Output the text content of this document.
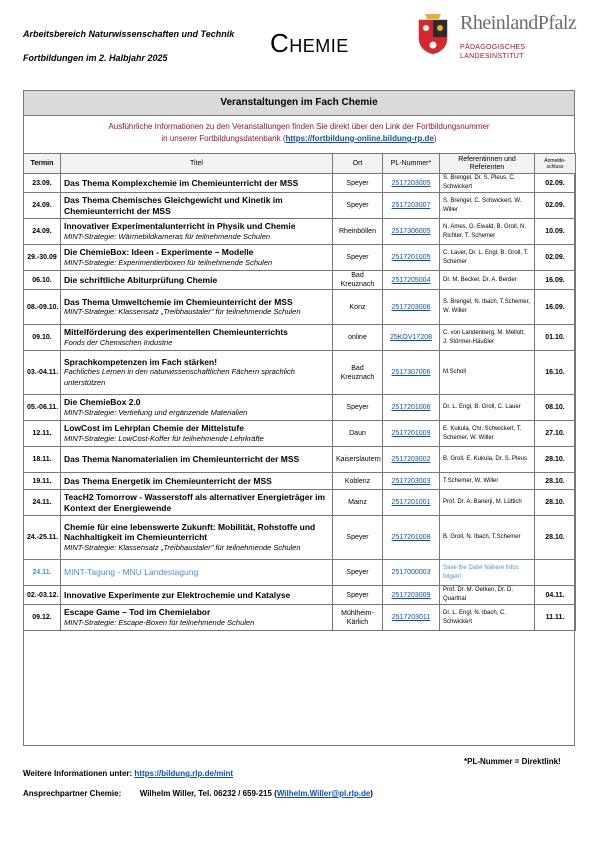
Arbeitsbereich Naturwissenschaften und Technik
Fortbildungen im 2. Halbjahr 2025	Chemie
RheinlandPfalz
PÄDAGOGISCHES
LANDESINSTITUT
Veranstaltungen im Fach Chemie
Ausführliche Informationen zu den Veranstaltungen finden Sie direkt über den Link der Fortbildungsnummer
in unserer Fortbildungsdatenbank (https://fortbildung-online.bildung-rp.de)
Termin	Titel	Ort	PL-Nummer*	Referentinnen und Referenten	Anmelde-schluss
23.09.	Das Thema Komplexchemie im Chemieunterricht der MSS	Speyer	2517203005	S. Brengel, Dr. S. Pleus, C. Schwickert	02.09.
24.09.	Das Thema Chemisches Gleichgewicht und Kinetik im Chemieunterricht der MSS	Speyer	2517203007	S. Brengel, C. Schwickert, W. Willer	02.09.
24.09.	Innovativer Experimentalunterricht in Physik und Chemie
MINT-Strategie: Wärmebildkameras für teilnehmende Schulen	Rheinböllen	2517306005	N. Ames, G. Ewald, B. Groll, N. Richter, T. Schemer	10.09.
29.-30.09	Die ChemieBox: Ideen - Experimente – Modelle
MINT-Strategie: Experimentierboxen für teilnehmende Schulen	Speyer	2517201005	C. Lauer, Dr. L. Engl, B. Groll, T. Schemer	02.09.
06.10.	Die schriftliche Abiturprüfung Chemie	Bad Kreuznach	2517205004	Dr. M. Becker, Dr. A. Berder	16.09.
08.-09.10.	Das Thema Umweltchemie im Chemieunterricht der MSS
MINT-Strategie: Klassensatz „Treibhaustaler" für teilnehmende Schulen	Konz	2517203006	S. Brengel, N. Ibach, T.Schemer, W. Willer	16.09.
09.10.	Mittelförderung des experimentellen Chemieunterrichts
Fonds der Chemischen Industrie	online	25KOV17208	C. von Landenberg, M. Mellott, J. Störmer-Häußler	01.10.
03.-04.11.	Sprachkompetenzen im Fach stärken!
Fachliches Lernen in den naturwissenschaftlichen Fächern sprachlich unterstützen	Bad Kreuznach	2517307006	M.Scholl	16.10.
05.-06.11.	Die ChemieBox 2.0
MINT-Strategie: Vertiefung und ergänzende Materialien	Speyer	2517201006	Dr. L. Engl, B. Groll, C. Lauer	08.10.
12.11.	LowCost im Lehrplan Chemie der Mittelstufe
MINT-Strategie: LowCost-Koffer für teilnehmende Lehrkräfte	Daun	2517201009	E. Kukula, Chr. Schwickert, T. Schemer, W. Willer	27.10.
18.11.	Das Thema Nanomaterialien im Chemieunterricht der MSS	Kaiserslautern	2517203002	B. Groll, E. Kukula, Dr. S. Pleus	28.10.
19.11.	Das Thema Energetik im Chemieunterricht der MSS	Koblenz	2517203003	T.Schemer, W. Willer	28.10.
24.11.	TeacH2 Tomorrow - Wasserstoff als alternativer Energieträger im Kontext der Energiewende	Mainz	2517201001	Prof. Dr. A. Banerji, M. Lüttich	28.10.
24.-25.11.	Chemie für eine lebenswerte Zukunft: Mobilität, Rohstoffe und Nachhaltigkeit im Chemieunterricht
MINT-Strategie: Klassensatz „Treibhaustaler" für teilnehmende Schulen	Speyer	2517201008	B. Groll, N. Ibach, T.Schemer	28.10.
24.11.	MINT-Tagung - MNU Landestagung	Speyer	2517000003	Save the Date! Nähere Infos folgen!	
02.-03.12.	Innovative Experimente zur Elektrochemie und Katalyse	Speyer	2517203009	Prof. Dr. M. Oetken, Dr. D. Quarthal	04.11.
09.12.	Escape Game – Tod im Chemielabor
MINT-Strategie: Escape-Boxen für teilnehmende Schulen	Mühlheim-Kärlich	2517203011	Dr. L. Engl, N. Ibach, C. Schwickert	11.11.
*PL-Nummer = Direktlink!
Weitere Informationen unter: https://bildung.rlp.de/mint
Ansprechpartner Chemie: Wilhelm Willer, Tel. 06232 / 659-215 (Wilhelm.Willer@pl.rlp.de)
